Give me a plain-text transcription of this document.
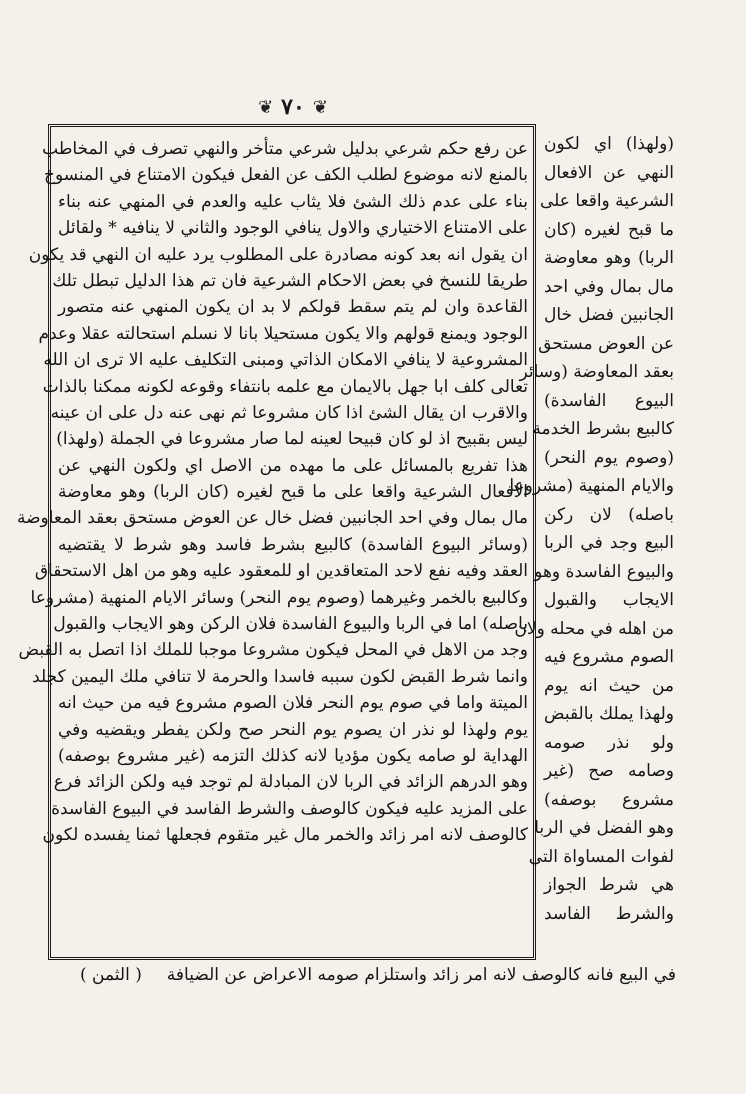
❦ ٧٠ ❦
عن رفع حكم شرعي بدليل شرعي متأخر والنهي تصرف في المخاطب
بالمنع لانه موضوع لطلب الكف عن الفعل فيكون الامتناع في المنسوخ
بناء على عدم ذلك الشئ فلا يثاب عليه والعدم في المنهي عنه بناء
على الامتناع الاختياري والاول ينافي الوجود والثاني لا ينافيه * ولقائل
ان يقول انه بعد كونه مصادرة على المطلوب يرد عليه ان النهي قد يكون
طريقا للنسخ في بعض الاحكام الشرعية فان تم هذا الدليل تبطل تلك
القاعدة وان لم يتم سقط قولكم لا بد ان يكون المنهي عنه متصور
الوجود ويمنع قولهم والا يكون مستحيلا بانا لا نسلم استحالته عقلا وعدم
المشروعية لا ينافي الامكان الذاتي ومبنى التكليف عليه الا ترى ان الله
تعالى كلف ابا جهل بالايمان مع علمه بانتفاء وقوعه لكونه ممكنا بالذات
والاقرب ان يقال الشئ اذا كان مشروعا ثم نهى عنه دل على ان عينه
ليس بقبيح اذ لو كان قبيحا لعينه لما صار مشروعا في الجملة (ولهذا)
هذا تفريع بالمسائل على ما مهده من الاصل اي ولكون النهي عن
الافعال الشرعية واقعا على ما قبح لغيره (كان الربا) وهو معاوضة
مال بمال وفي احد الجانبين فضل خال عن العوض مستحق بعقد المعاوضة
(وسائر البيوع الفاسدة) كالبيع بشرط فاسد وهو شرط لا يقتضيه
العقد وفيه نفع لاحد المتعاقدين او للمعقود عليه وهو من اهل الاستحقاق
وكالبيع بالخمر وغيرهما (وصوم يوم النحر) وسائر الايام المنهية (مشروعا
باصله) اما في الربا والبيوع الفاسدة فلان الركن وهو الايجاب والقبول
وجد من الاهل في المحل فيكون مشروعا موجبا للملك اذا اتصل به القبض
وانما شرط القبض لكون سببه فاسدا والحرمة لا تنافي ملك اليمين كجلد
الميتة واما في صوم يوم النحر فلان الصوم مشروع فيه من حيث انه
يوم ولهذا لو نذر ان يصوم يوم النحر صح ولكن يفطر ويقضيه وفي
الهداية لو صامه يكون مؤديا لانه كذلك التزمه (غير مشروع بوصفه)
وهو الدرهم الزائد في الربا لان المبادلة لم توجد فيه ولكن الزائد فرع
على المزيد عليه فيكون كالوصف والشرط الفاسد في البيوع الفاسدة
كالوصف لانه امر زائد والخمر مال غير متقوم فجعلها ثمنا يفسده لكون
(ولهذا) اي لكون
النهي عن الافعال
الشرعية واقعا على
ما قبح لغيره (كان
الربا) وهو معاوضة
مال بمال وفي احد
الجانبين فضل خال
عن العوض مستحق
بعقد المعاوضة (وسائر
البيوع الفاسدة)
كالبيع بشرط الخدمة
(وصوم يوم النحر)
والايام المنهية (مشروعا
باصله) لان ركن
البيع وجد في الربا
والبيوع الفاسدة وهو
الايجاب والقبول
من اهله في محله ولان
الصوم مشروع فيه
من حيث انه يوم
ولهذا يملك بالقبض
ولو نذر صومه
وصامه صح (غير
مشروع بوصفه)
وهو الفضل في الربا
لفوات المساواة التي
هي شرط الجواز
والشرط الفاسد
في البيع فانه كالوصف لانه امر زائد واستلزام صومه الاعراض عن الضيافة
( الثمن )
